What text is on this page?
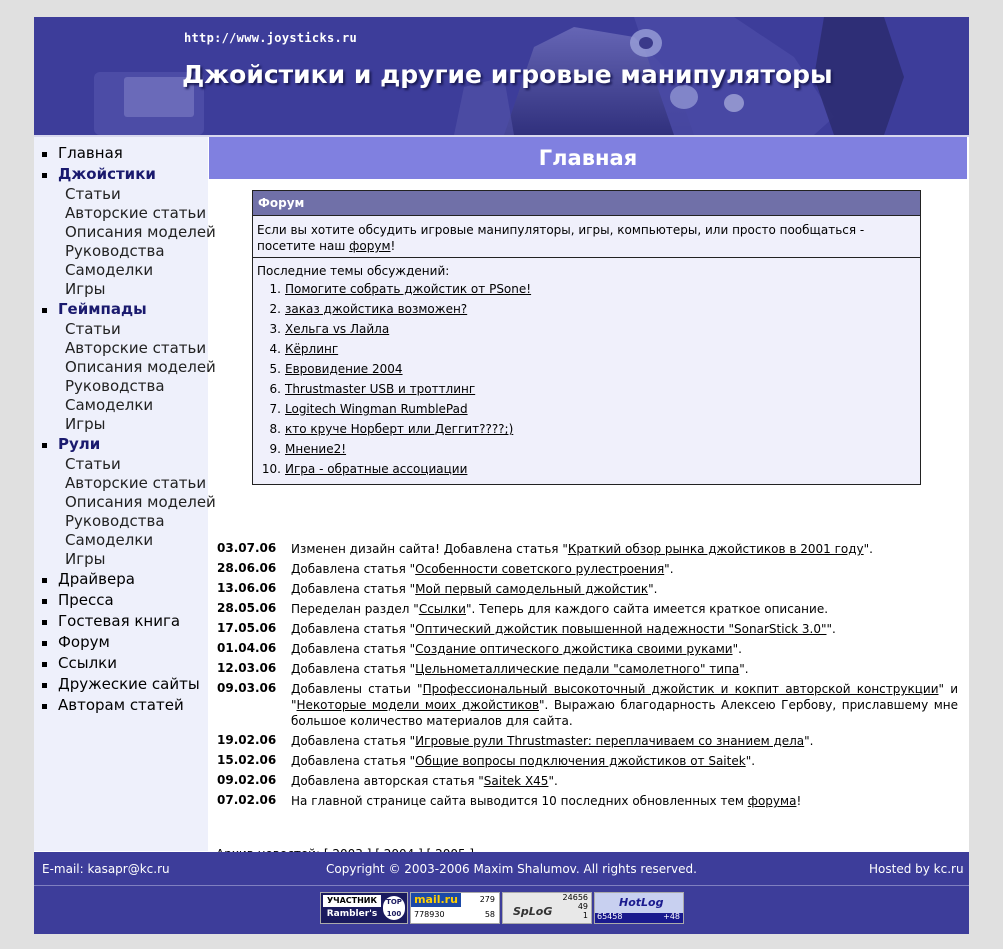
http://www.joysticks.ru
Джойстики и другие игровые манипуляторы
Главная
Джойстики
Статьи
Авторские статьи
Описания моделей
Руководства
Самоделки
Игры
Геймпады
Статьи
Авторские статьи
Описания моделей
Руководства
Самоделки
Игры
Рули
Статьи
Авторские статьи
Описания моделей
Руководства
Самоделки
Игры
Драйвера
Пресса
Гостевая книга
Форум
Ссылки
Дружеские сайты
Авторам статей
Главная
Форум
Если вы хотите обсудить игровые манипуляторы, игры, компьютеры, или просто пообщаться - посетите наш форум!
Последние темы обсуждений:
1. Помогите собрать джойстик от PSone!
2. заказ джойстика возможен?
3. Хельга vs Лайла
4. Кёрлинг
5. Евровидение 2004
6. Thrustmaster USB и троттлинг
7. Logitech Wingman RumblePad
8. кто круче Норберт или Деггит????;)
9. Мнение2!
10. Игра - обратные ассоциации
03.07.06 Изменен дизайн сайта! Добавлена статья "Краткий обзор рынка джойстиков в 2001 году".
28.06.06 Добавлена статья "Особенности советского рулестроения".
13.06.06 Добавлена статья "Мой первый самодельный джойстик".
28.05.06 Переделан раздел "Ссылки". Теперь для каждого сайта имеется краткое описание.
17.05.06 Добавлена статья "Оптический джойстик повышенной надежности "SonarStick 3.0"".
01.04.06 Добавлена статья "Создание оптического джойстика своими руками".
12.03.06 Добавлена статья "Цельнометаллические педали "самолетного" типа".
09.03.06 Добавлены статьи "Профессиональный высокоточный джойстик и кокпит авторской конструкции" и "Некоторые модели моих джойстиков". Выражаю благодарность Алексею Гербову, приславшему мне большое количество материалов для сайта.
19.02.06 Добавлена статья "Игровые рули Thrustmaster: переплачиваем со знанием дела".
15.02.06 Добавлена статья "Общие вопросы подключения джойстиков от Saitek".
09.02.06 Добавлена авторская статья "Saitek X45".
07.02.06 На главной странице сайта выводится 10 последних обновленных тем форума!
E-mail: kasapr@kc.ru	Copyright © 2003-2006 Maxim Shalumov. All rights reserved.	Hosted by kc.ru
УЧАСТНИК
Rambler's
TOP 100
mail.ru	279
778930	58 SpLoG
24656
49
1
HotLog
65458	+48
